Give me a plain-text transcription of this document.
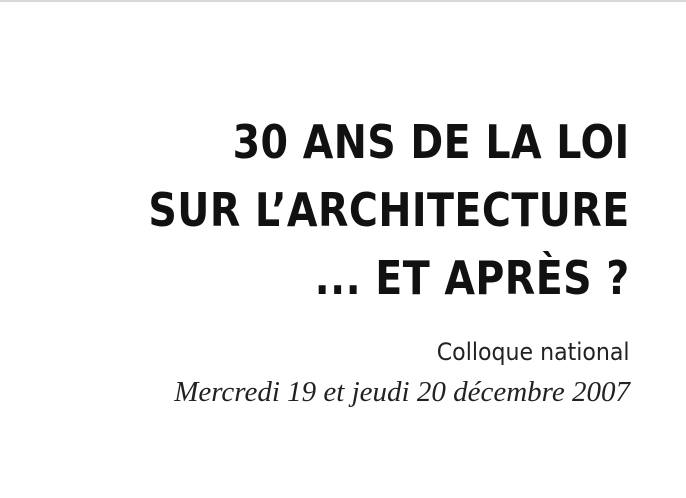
30 ANS DE LA LOI
SUR L’ARCHITECTURE
... ET APRÈS ?
Colloque national
Mercredi 19 et jeudi 20 décembre 2007
